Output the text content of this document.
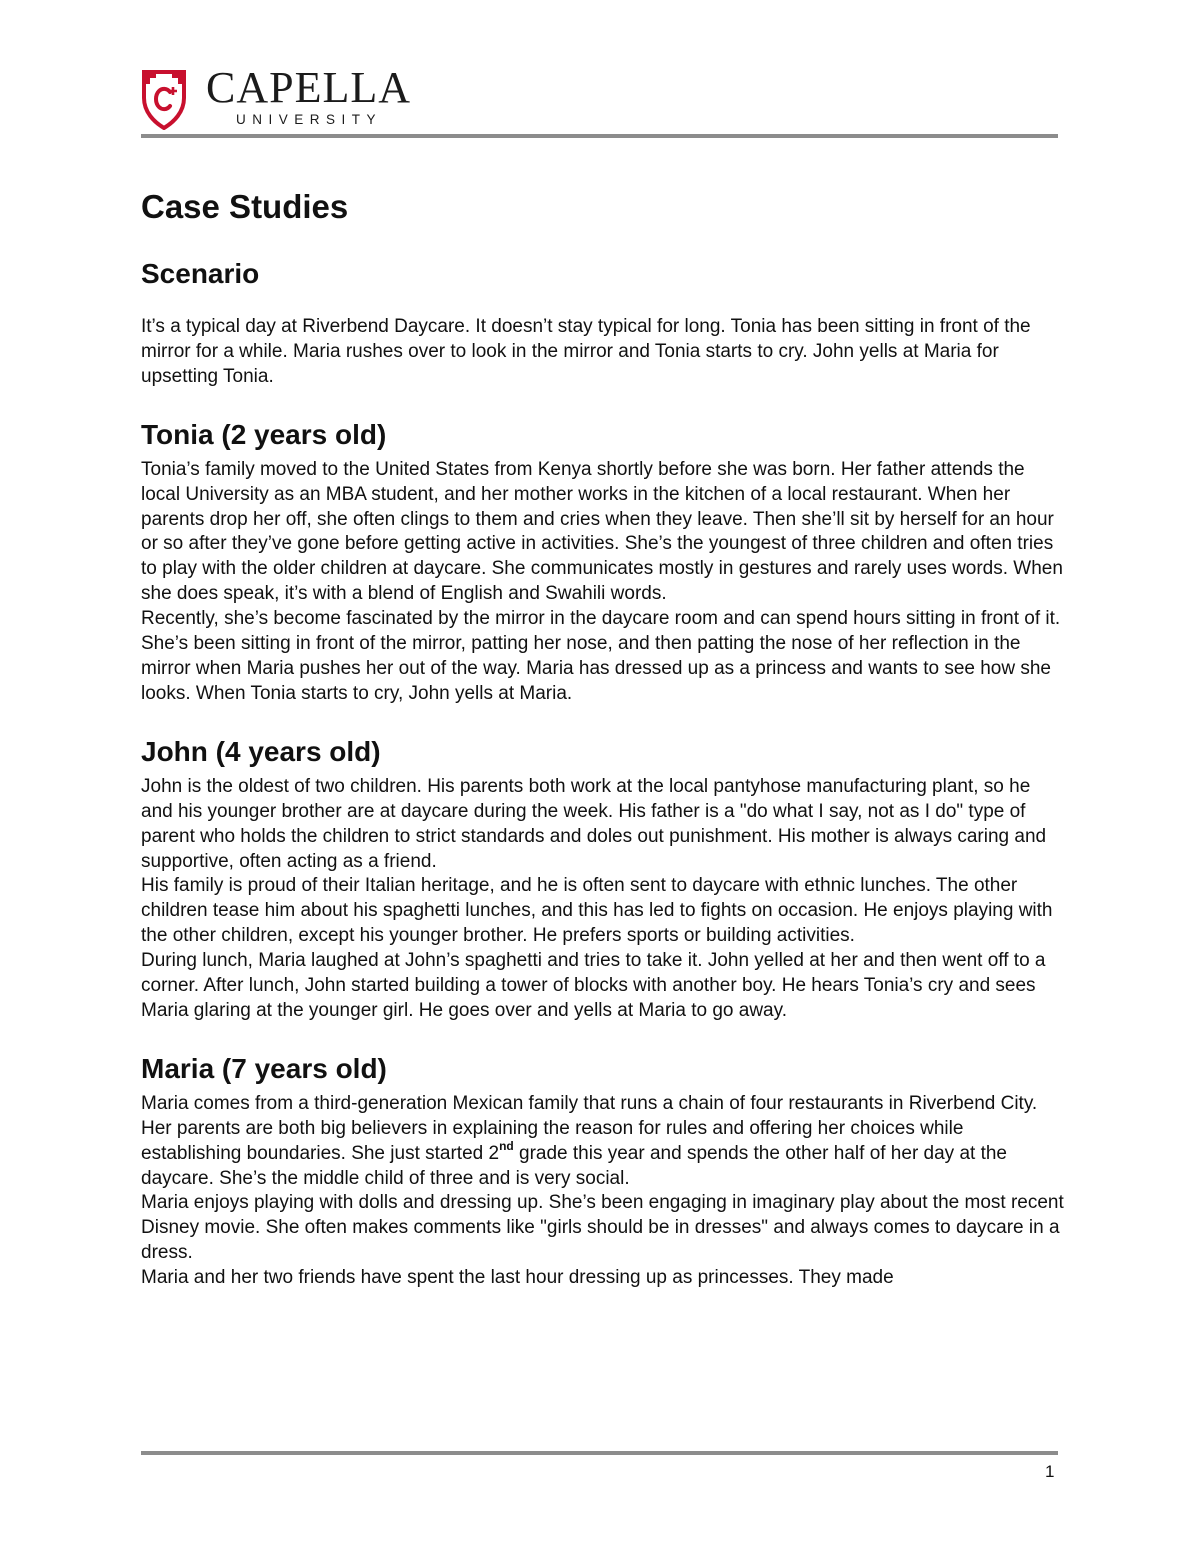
CAPELLA
UNIVERSITY
Case Studies
Scenario

It’s a typical day at Riverbend Daycare. It doesn’t stay typical for long. Tonia has been sitting in front of the mirror for a while. Maria rushes over to look in the mirror and Tonia starts to cry. John yells at Maria for upsetting Tonia.

Tonia (2 years old)

Tonia’s family moved to the United States from Kenya shortly before she was born. Her father attends the local University as an MBA student, and her mother works in the kitchen of a local restaurant. When her parents drop her off, she often clings to them and cries when they leave. Then she’ll sit by herself for an hour or so after they’ve gone before getting active in activities. She’s the youngest of three children and often tries to play with the older children at daycare. She communicates mostly in gestures and rarely uses words. When she does speak, it’s with a blend of English and Swahili words.

Recently, she’s become fascinated by the mirror in the daycare room and can spend hours sitting in front of it. She’s been sitting in front of the mirror, patting her nose, and then patting the nose of her reflection in the mirror when Maria pushes her out of the way. Maria has dressed up as a princess and wants to see how she looks. When Tonia starts to cry, John yells at Maria.

John (4 years old)

John is the oldest of two children. His parents both work at the local pantyhose manufacturing plant, so he and his younger brother are at daycare during the week. His father is a "do what I say, not as I do" type of parent who holds the children to strict standards and doles out punishment. His mother is always caring and supportive, often acting as a friend.

His family is proud of their Italian heritage, and he is often sent to daycare with ethnic lunches. The other children tease him about his spaghetti lunches, and this has led to fights on occasion. He enjoys playing with the other children, except his younger brother. He prefers sports or building activities.

During lunch, Maria laughed at John’s spaghetti and tries to take it. John yelled at her and then went off to a corner. After lunch, John started building a tower of blocks with another boy. He hears Tonia’s cry and sees Maria glaring at the younger girl. He goes over and yells at Maria to go away.

Maria (7 years old)

Maria comes from a third-generation Mexican family that runs a chain of four restaurants in Riverbend City. Her parents are both big believers in explaining the reason for rules and offering her choices while establishing boundaries. She just started 2nd grade this year and spends the other half of her day at the daycare. She’s the middle child of three and is very social.

Maria enjoys playing with dolls and dressing up. She’s been engaging in imaginary play about the most recent Disney movie. She often makes comments like "girls should be in dresses" and always comes to daycare in a dress.

Maria and her two friends have spent the last hour dressing up as princesses. They made

1
